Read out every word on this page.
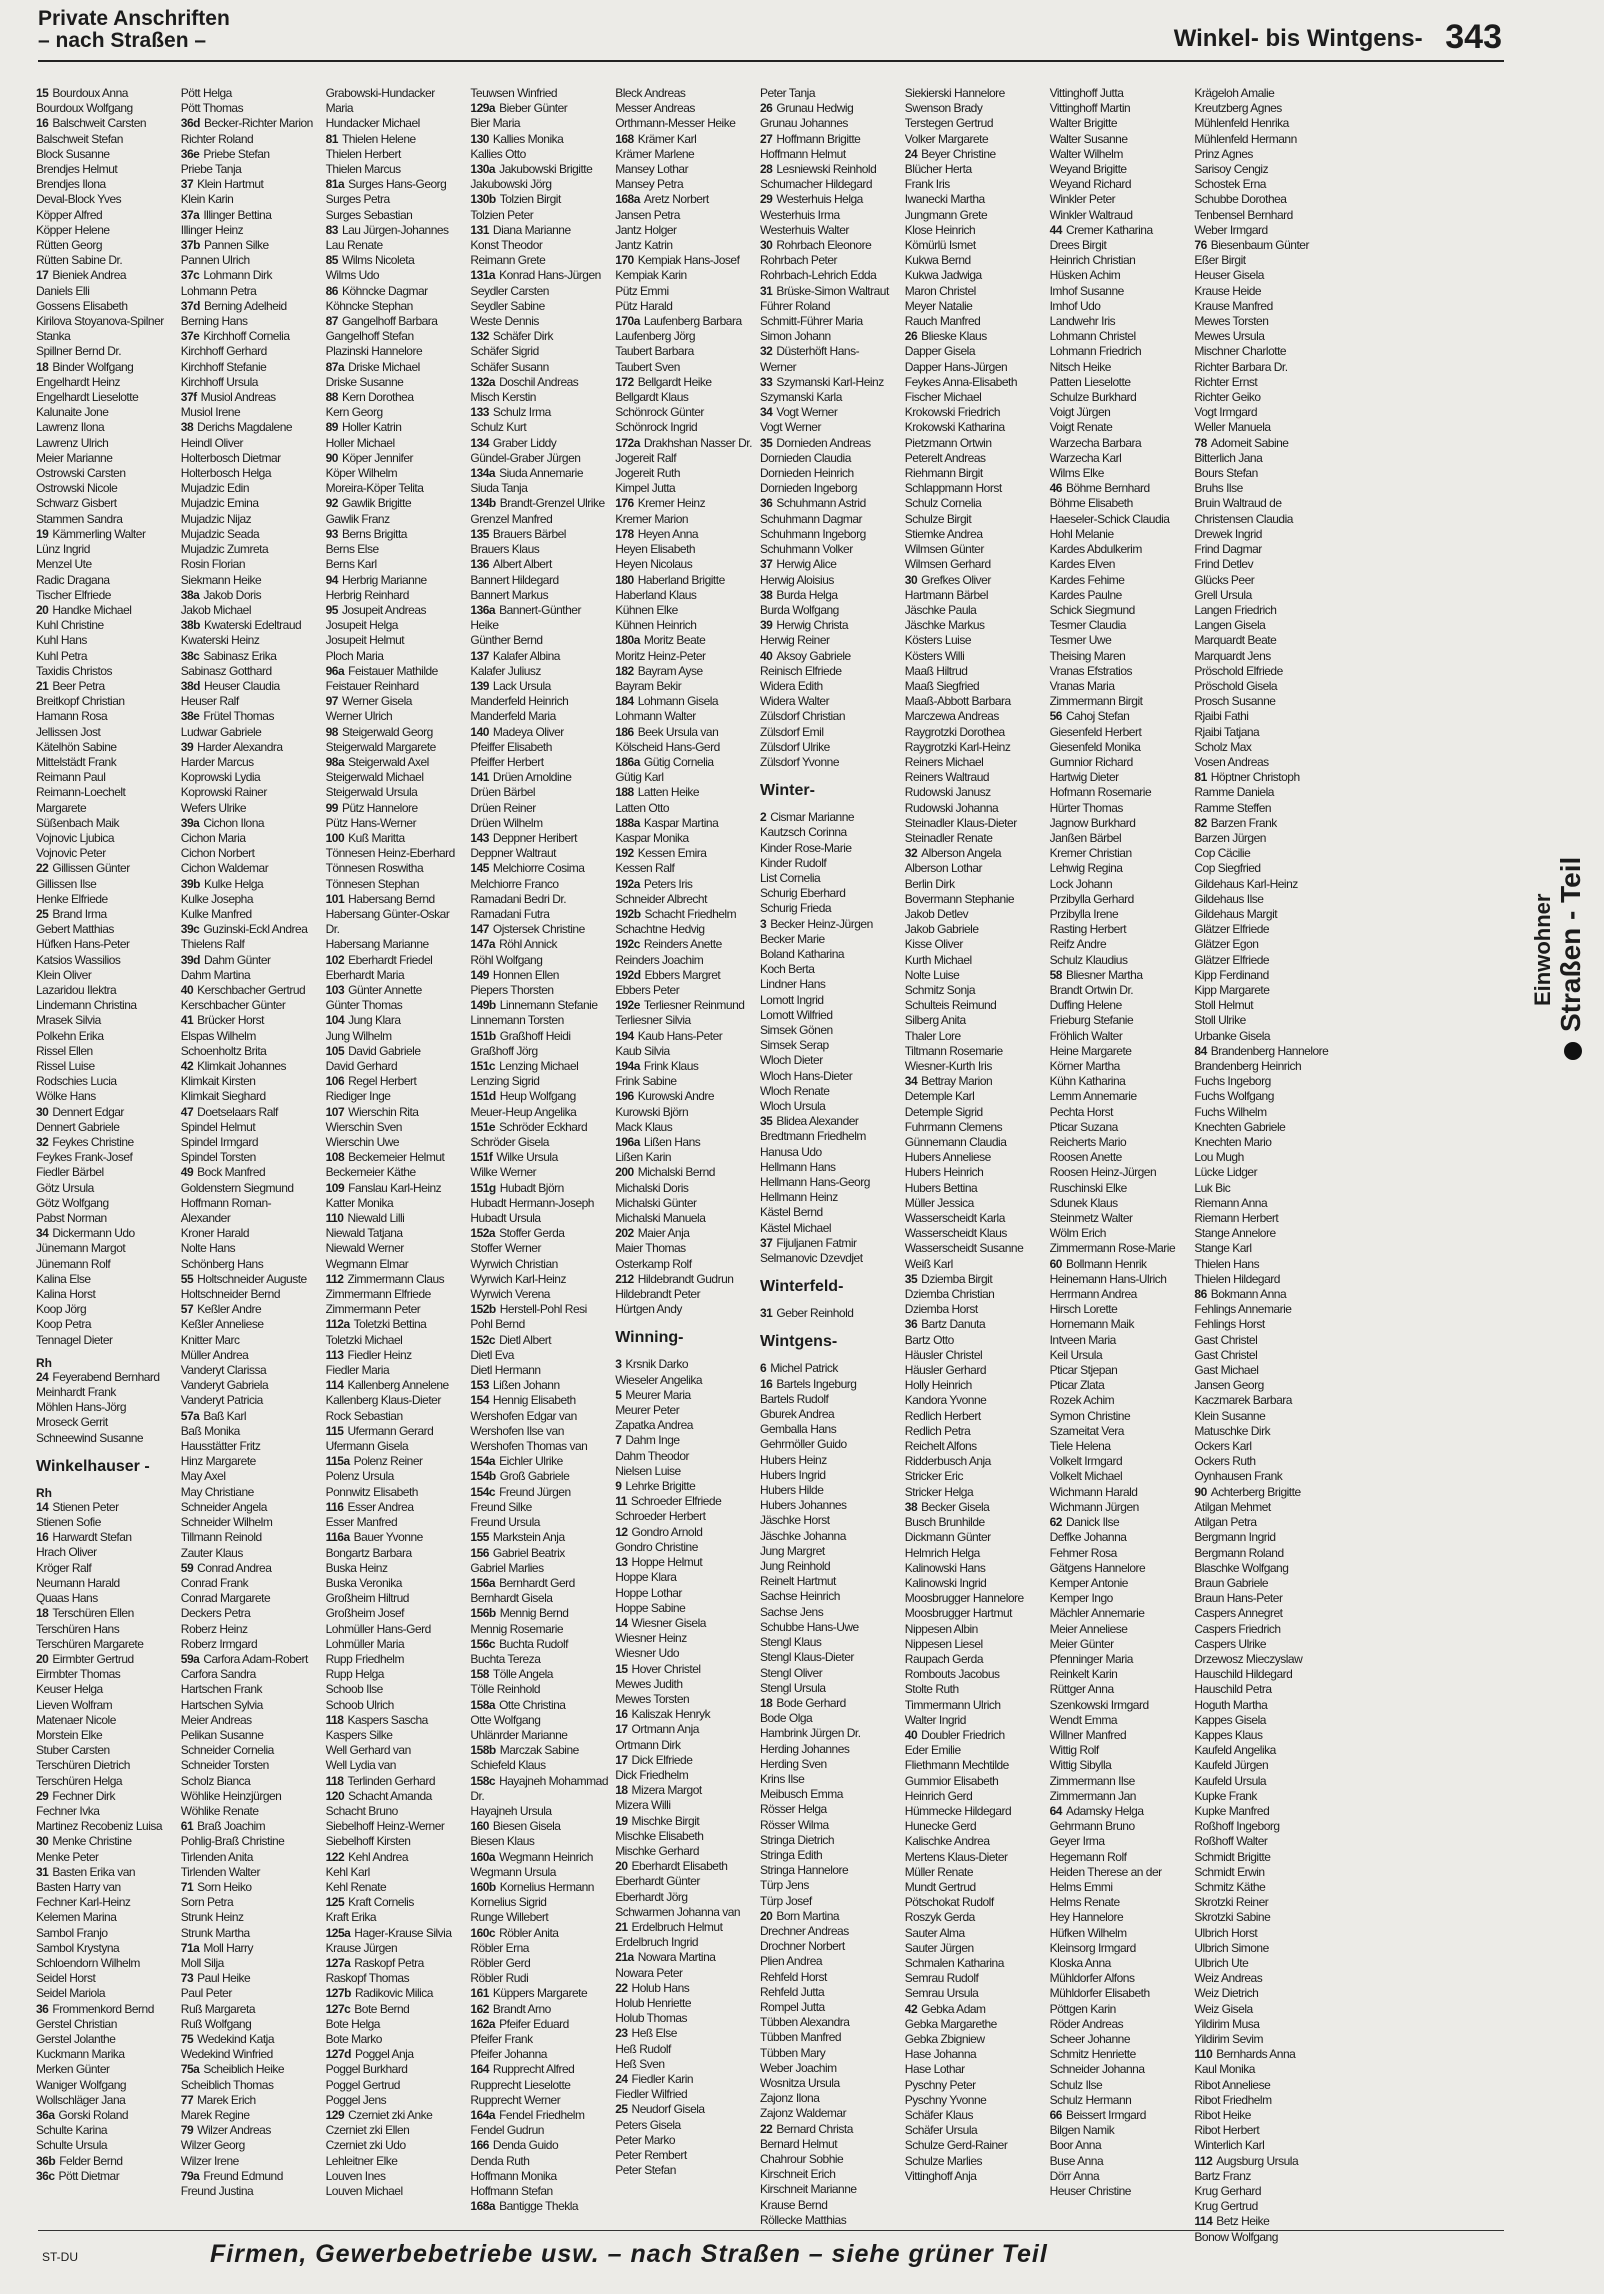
Private Anschriften
– nach Straßen –	Winkel- bis Wintgens- 343
15 Bourdoux Anna
Bourdoux Wolfgang
16 Balschweit Carsten
Balschweit Stefan
Block Susanne
Brendjes Helmut
Brendjes Ilona
Deval-Block Yves
Köpper Alfred
Köpper Helene
Rütten Georg
Rütten Sabine Dr.
17 Bieniek Andrea
Daniels Elli
Gossens Elisabeth
Kirilova Stoyanova-Spilner
Stanka
Spillner Bernd Dr.
18 Binder Wolfgang
Engelhardt Heinz
Engelhardt Lieselotte
Kalunaite Jone
Lawrenz Ilona
Lawrenz Ulrich
Meier Marianne
Ostrowski Carsten
Ostrowski Nicole
Schwarz Gisbert
Stammen Sandra
19 Kämmerling Walter
Lünz Ingrid
Menzel Ute
Radic Dragana
Tischer Elfriede
20 Handke Michael
Kuhl Christine
Kuhl Hans
Kuhl Petra
Taxidis Christos
21 Beer Petra
Breitkopf Christian
Hamann Rosa
Jellissen Jost
Kätelhön Sabine
Mittelstädt Frank
Reimann Paul
Reimann-Loechelt
Margarete
Süßenbach Maik
Vojnovic Ljubica
Vojnovic Peter
22 Gillissen Günter
Gillissen Ilse
Henke Elfriede
25 Brand Irma
Gebert Matthias
Hüfken Hans-Peter
Katsios Wassilios
Klein Oliver
Lazaridou Ilektra
Lindemann Christina
Mrasek Silvia
Polkehn Erika
Rissel Ellen
Rissel Luise
Rodschies Lucia
Wölke Hans
30 Dennert Edgar
Dennert Gabriele
32 Feykes Christine
Feykes Frank-Josef
Fiedler Bärbel
Götz Ursula
Götz Wolfgang
Pabst Norman
34 Dickermann Udo
Jünemann Margot
Jünemann Rolf
Kalina Else
Kalina Horst
Koop Jörg
Koop Petra
Tennagel Dieter
Rh
24 Feyerabend Bernhard
Meinhardt Frank
Möhlen Hans-Jörg
Mroseck Gerrit
Schneewind Susanne
Winkelhauser -
Rh
14 Stienen Peter
Stienen Sofie
16 Harwardt Stefan
Hrach Oliver
Kröger Ralf
Neumann Harald
Quaas Hans
18 Terschüren Ellen
Terschüren Hans
Terschüren Margarete
20 Eirmbter Gertrud
Eirmbter Thomas
Keuser Helga
Lieven Wolfram
Matenaer Nicole
Morstein Elke
Stuber Carsten
Terschüren Dietrich
Terschüren Helga
29 Fechner Dirk
Fechner Ivka
Martinez Recobeniz Luisa
30 Menke Christine
Menke Peter
31 Basten Erika van
Basten Harry van
Fechner Karl-Heinz
Kelemen Marina
Sambol Franjo
Sambol Krystyna
Schloendorn Wilhelm
Seidel Horst
Seidel Mariola
36 Frommenkord Bernd
Gerstel Christian
Gerstel Jolanthe
Kuckmann Marika
Merken Günter
Waniger Wolfgang
Wollschläger Jana
36a Gorski Roland
Schulte Karina
Schulte Ursula
36b Felder Bernd
36c Pött Dietmar
Pött Helga
Pött Thomas
36d Becker-Richter Marion
Richter Roland
36e Priebe Stefan
Priebe Tanja
37 Klein Hartmut
Klein Karin
37a Illinger Bettina
Illinger Heinz
37b Pannen Silke
Pannen Ulrich
37c Lohmann Dirk
Lohmann Petra
37d Berning Adelheid
Berning Hans
37e Kirchhoff Cornelia
Kirchhoff Gerhard
Kirchhoff Stefanie
Kirchhoff Ursula
37f Musiol Andreas
Musiol Irene
38 Derichs Magdalene
Heindl Oliver
Holterbosch Dietmar
Holterbosch Helga
Mujadzic Edin
Mujadzic Emina
Mujadzic Nijaz
Mujadzic Seada
Mujadzic Zumreta
Rosin Florian
Siekmann Heike
38a Jakob Doris
Jakob Michael
38b Kwaterski Edeltraud
Kwaterski Heinz
38c Sabinasz Erika
Sabinasz Gotthard
38d Heuser Claudia
Heuser Ralf
38e Frütel Thomas
Ludwar Gabriele
39 Harder Alexandra
Harder Marcus
Koprowski Lydia
Koprowski Rainer
Wefers Ulrike
39a Cichon Ilona
Cichon Maria
Cichon Norbert
Cichon Waldemar
39b Kulke Helga
Kulke Josepha
Kulke Manfred
39c Guzinski-Eckl Andrea
Thielens Ralf
39d Dahm Günter
Dahm Martina
40 Kerschbacher Gertrud
Kerschbacher Günter
41 Brücker Horst
Elspas Wilhelm
Schoenholtz Brita
42 Klimkait Johannes
Klimkait Kirsten
Klimkait Sieghard
47 Doetselaars Ralf
Spindel Helmut
Spindel Irmgard
Spindel Torsten
49 Bock Manfred
Goldenstern Siegmund
Hoffmann Roman-
Alexander
Kroner Harald
Nolte Hans
Schönberg Hans
55 Holtschneider Auguste
Holtschneider Bernd
57 Keßler Andre
Keßler Anneliese
Knitter Marc
Müller Andrea
Vanderyt Clarissa
Vanderyt Gabriela
Vanderyt Patricia
57a Baß Karl
Baß Monika
Hausstätter Fritz
Hinz Margarete
May Axel
May Christiane
Schneider Angela
Schneider Wilhelm
Tillmann Reinold
Zauter Klaus
59 Conrad Andrea
Conrad Frank
Conrad Margarete
Deckers Petra
Roberz Heinz
Roberz Irmgard
59a Carfora Adam-Robert
Carfora Sandra
Hartschen Frank
Hartschen Sylvia
Meier Andreas
Pelikan Susanne
Schneider Cornelia
Schneider Torsten
Scholz Bianca
Wöhlike Heinzjürgen
Wöhlike Renate
61 Braß Joachim
Pohlig-Braß Christine
Tirlenden Anita
Tirlenden Walter
71 Sorn Heiko
Sorn Petra
Strunk Heinz
Strunk Martha
71a Moll Harry
Moll Silja
73 Paul Heike
Paul Peter
Ruß Margareta
Ruß Wolfgang
75 Wedekind Katja
Wedekind Winfried
75a Scheiblich Heike
Scheiblich Thomas
77 Marek Erich
Marek Regine
79 Wilzer Andreas
Wilzer Georg
Wilzer Irene
79a Freund Edmund
Freund Justina
Grabowski-Hundacker
Maria
Hundacker Michael
81 Thielen Helene
Thielen Herbert
Thielen Marcus
81a Surges Hans-Georg
Surges Petra
Surges Sebastian
83 Lau Jürgen-Johannes
Lau Renate
85 Wilms Nicoleta
Wilms Udo
86 Köhncke Dagmar
Köhncke Stephan
87 Gangelhoff Barbara
Gangelhoff Stefan
Plazinski Hannelore
87a Driske Michael
Driske Susanne
88 Kern Dorothea
Kern Georg
89 Holler Katrin
Holler Michael
90 Köper Jennifer
Köper Wilhelm
Moreira-Köper Telita
92 Gawlik Brigitte
Gawlik Franz
93 Berns Brigitta
Berns Else
Berns Karl
94 Herbrig Marianne
Herbrig Reinhard
95 Josupeit Andreas
Josupeit Helga
Josupeit Helmut
Ploch Maria
96a Feistauer Mathilde
Feistauer Reinhard
97 Werner Gisela
Werner Ulrich
98 Steigerwald Georg
Steigerwald Margarete
98a Steigerwald Axel
Steigerwald Michael
Steigerwald Ursula
99 Pütz Hannelore
Pütz Hans-Werner
100 Kuß Maritta
Tönnesen Heinz-Eberhard
Tönnesen Roswitha
Tönnesen Stephan
101 Habersang Bernd
Habersang Günter-Oskar
Dr.
Habersang Marianne
102 Eberhardt Friedel
Eberhardt Maria
103 Günter Annette
Günter Thomas
104 Jung Klara
Jung Wilhelm
105 David Gabriele
David Gerhard
106 Regel Herbert
Riediger Inge
107 Wierschin Rita
Wierschin Sven
Wierschin Uwe
108 Beckemeier Helmut
Beckemeier Käthe
109 Fanslau Karl-Heinz
Katter Monika
110 Niewald Lilli
Niewald Tatjana
Niewald Werner
Wegmann Elmar
112 Zimmermann Claus
Zimmermann Elfriede
Zimmermann Peter
112a Toletzki Bettina
Toletzki Michael
113 Fiedler Heinz
Fiedler Maria
114 Kallenberg Annelene
Kallenberg Klaus-Dieter
Rock Sebastian
115 Ufermann Gerard
Ufermann Gisela
115a Polenz Reiner
Polenz Ursula
Ponnwitz Elisabeth
116 Esser Andrea
Esser Manfred
116a Bauer Yvonne
Bongartz Barbara
Buska Heinz
Buska Veronika
Großheim Hiltrud
Großheim Josef
Lohmüller Hans-Gerd
Lohmüller Maria
Rupp Friedhelm
Rupp Helga
Schoob Ilse
Schoob Ulrich
118 Kaspers Sascha
Kaspers Silke
Well Gerhard van
Well Lydia van
118 Terlinden Gerhard
120 Schacht Amanda
Schacht Bruno
Siebelhoff Heinz-Werner
Siebelhoff Kirsten
122 Kehl Andrea
Kehl Karl
Kehl Renate
125 Kraft Cornelis
Kraft Erika
125a Hager-Krause Silvia
Krause Jürgen
127a Raskopf Petra
Raskopf Thomas
127b Radikovic Milica
127c Bote Bernd
Bote Helga
Bote Marko
127d Poggel Anja
Poggel Burkhard
Poggel Gertrud
Poggel Jens
129 Czerniet zki Anke
Czerniet zki Ellen
Czerniet zki Udo
Lehleitner Elke
Louven Ines
Louven Michael
Teuwsen Winfried
129a Bieber Günter
Bier Maria
130 Kallies Monika
Kallies Otto
130a Jakubowski Brigitte
Jakubowski Jörg
130b Tolzien Birgit
Tolzien Peter
131 Diana Marianne
Konst Theodor
Reimann Grete
131a Konrad Hans-Jürgen
Seydler Carsten
Seydler Sabine
Weste Dennis
132 Schäfer Dirk
Schäfer Sigrid
Schäfer Susann
132a Doschil Andreas
Misch Kerstin
133 Schulz Irma
Schulz Kurt
134 Graber Liddy
Gündel-Graber Jürgen
134a Siuda Annemarie
Siuda Tanja
134b Brandt-Grenzel Ulrike
Grenzel Manfred
135 Brauers Bärbel
Brauers Klaus
136 Albert Albert
Bannert Hildegard
Bannert Markus
136a Bannert-Günther
Heike
Günther Bernd
137 Kalafer Albina
Kalafer Juliusz
139 Lack Ursula
Manderfeld Heinrich
Manderfeld Maria
140 Madeya Oliver
Pfeiffer Elisabeth
Pfeiffer Herbert
141 Drüen Arnoldine
Drüen Bärbel
Drüen Reiner
Drüen Wilhelm
143 Deppner Heribert
Deppner Waltraut
145 Melchiorre Cosima
Melchiorre Franco
Ramadani Bedri Dr.
Ramadani Futra
147 Ojstersek Christine
147a Röhl Annick
Röhl Wolfgang
149 Honnen Ellen
Piepers Thorsten
149b Linnemann Stefanie
Linnemann Torsten
151b Graßhoff Heidi
Graßhoff Jörg
151c Lenzing Michael
Lenzing Sigrid
151d Heup Wolfgang
Meuer-Heup Angelika
151e Schröder Eckhard
Schröder Gisela
151f Wilke Ursula
Wilke Werner
151g Hubadt Björn
Hubadt Hermann-Joseph
Hubadt Ursula
152a Stoffer Gerda
Stoffer Werner
Wyrwich Christian
Wyrwich Karl-Heinz
Wyrwich Verena
152b Herstell-Pohl Resi
Pohl Bernd
152c Dietl Albert
Dietl Eva
Dietl Hermann
153 Lißen Johann
154 Hennig Elisabeth
Wershofen Edgar van
Wershofen Ilse van
Wershofen Thomas van
154a Eichler Ulrike
154b Groß Gabriele
154c Freund Jürgen
Freund Silke
Freund Ursula
155 Markstein Anja
156 Gabriel Beatrix
Gabriel Marlies
156a Bernhardt Gerd
Bernhardt Gisela
156b Mennig Bernd
Mennig Rosemarie
156c Buchta Rudolf
Buchta Tereza
158 Tölle Angela
Tölle Reinhold
158a Otte Christina
Otte Wolfgang
Uhlänrder Marianne
158b Marczak Sabine
Schiefeld Klaus
158c Hayajneh Mohammad
Dr.
Hayajneh Ursula
160 Biesen Gisela
Biesen Klaus
160a Wegmann Heinrich
Wegmann Ursula
160b Kornelius Hermann
Kornelius Sigrid
Runge Willebert
160c Röbler Anita
Röbler Erna
Röbler Gerd
Röbler Rudi
161 Küppers Margarete
162 Brandt Arno
162a Pfeifer Eduard
Pfeifer Frank
Pfeifer Johanna
164 Rupprecht Alfred
Rupprecht Lieselotte
Rupprecht Werner
164a Fendel Friedhelm
Fendel Gudrun
166 Denda Guido
Denda Ruth
Hoffmann Monika
Hoffmann Stefan
168a Bantigge Thekla
Bleck Andreas
Messer Andreas
Orthmann-Messer Heike
168 Krämer Karl
Krämer Marlene
Mansey Lothar
Mansey Petra
168a Aretz Norbert
Jansen Petra
Jantz Holger
Jantz Katrin
170 Kempiak Hans-Josef
Kempiak Karin
Pütz Emmi
Pütz Harald
170a Laufenberg Barbara
Laufenberg Jörg
Taubert Barbara
Taubert Sven
172 Bellgardt Heike
Bellgardt Klaus
Schönrock Günter
Schönrock Ingrid
172a Drakhshan Nasser Dr.
Jogereit Ralf
Jogereit Ruth
Kimpel Jutta
176 Kremer Heinz
Kremer Marion
178 Heyen Anna
Heyen Elisabeth
Heyen Nicolaus
180 Haberland Brigitte
Haberland Klaus
Kühnen Elke
Kühnen Heinrich
180a Moritz Beate
Moritz Heinz-Peter
182 Bayram Ayse
Bayram Bekir
184 Lohmann Gisela
Lohmann Walter
186 Beek Ursula van
Kölscheid Hans-Gerd
186a Gütig Cornelia
Gütig Karl
188 Latten Heike
Latten Otto
188a Kaspar Martina
Kaspar Monika
192 Kessen Emira
Kessen Ralf
192a Peters Iris
Schneider Albrecht
192b Schacht Friedhelm
Schachtne Hedvig
192c Reinders Anette
Reinders Joachim
192d Ebbers Margret
Ebbers Peter
192e Terliesner Reinmund
Terliesner Silvia
194 Kaub Hans-Peter
Kaub Silvia
194a Frink Klaus
Frink Sabine
196 Kurowski Andre
Kurowski Björn
Mack Klaus
196a Lißen Hans
Lißen Karin
200 Michalski Bernd
Michalski Doris
Michalski Günter
Michalski Manuela
202 Maier Anja
Maier Thomas
Osterkamp Rolf
212 Hildebrandt Gudrun
Hildebrandt Peter
Hürtgen Andy
Winning-
3 Krsnik Darko
Wieseler Angelika
5 Meurer Maria
Meurer Peter
Zapatka Andrea
7 Dahm Inge
Dahm Theodor
Nielsen Luise
9 Lehrke Brigitte
11 Schroeder Elfriede
Schroeder Herbert
12 Gondro Arnold
Gondro Christine
13 Hoppe Helmut
Hoppe Klara
Hoppe Lothar
Hoppe Sabine
14 Wiesner Gisela
Wiesner Heinz
Wiesner Udo
15 Hover Christel
Mewes Judith
Mewes Torsten
16 Kaliszak Henryk
17 Ortmann Anja
Ortmann Dirk
17 Dick Elfriede
Dick Friedhelm
18 Mizera Margot
Mizera Willi
19 Mischke Birgit
Mischke Elisabeth
Mischke Gerhard
20 Eberhardt Elisabeth
Eberhardt Günter
Eberhardt Jörg
Schwarmen Johanna van
21 Erdelbruch Helmut
Erdelbruch Ingrid
21a Nowara Martina
Nowara Peter
22 Holub Hans
Holub Henriette
Holub Thomas
23 Heß Else
Heß Rudolf
Heß Sven
24 Fiedler Karin
Fiedler Wilfried
25 Neudorf Gisela
Peters Gisela
Peter Marko
Peter Rembert
Peter Stefan
Peter Tanja
26 Grunau Hedwig
Grunau Johannes
27 Hoffmann Brigitte
Hoffmann Helmut
28 Lesniewski Reinhold
Schumacher Hildegard
29 Westerhuis Helga
Westerhuis Irma
Westerhuis Walter
30 Rohrbach Eleonore
Rohrbach Peter
Rohrbach-Lehrich Edda
31 Brüske-Simon Waltraut
Führer Roland
Schmitt-Führer Maria
Simon Johann
32 Düsterhöft Hans-
Werner
33 Szymanski Karl-Heinz
Szymanski Karla
34 Vogt Werner
Vogt Werner
35 Dornieden Andreas
Dornieden Claudia
Dornieden Heinrich
Dornieden Ingeborg
36 Schuhmann Astrid
Schuhmann Dagmar
Schuhmann Ingeborg
Schuhmann Volker
37 Herwig Alice
Herwig Aloisius
38 Burda Helga
Burda Wolfgang
39 Herwig Christa
Herwig Reiner
40 Aksoy Gabriele
Reinisch Elfriede
Widera Edith
Widera Walter
Zülsdorf Christian
Zülsdorf Emil
Zülsdorf Ulrike
Zülsdorf Yvonne
Winter-
2 Cismar Marianne
Kautzsch Corinna
Kinder Rose-Marie
Kinder Rudolf
List Cornelia
Schurig Eberhard
Schurig Frieda
3 Becker Heinz-Jürgen
Becker Marie
Boland Katharina
Koch Berta
Lindner Hans
Lomott Ingrid
Lomott Wilfried
Simsek Gönen
Simsek Serap
Wloch Dieter
Wloch Hans-Dieter
Wloch Renate
Wloch Ursula
35 Blidea Alexander
Bredtmann Friedhelm
Hanusa Udo
Hellmann Hans
Hellmann Hans-Georg
Hellmann Heinz
Kästel Bernd
Kästel Michael
37 Fijuljanen Fatmir
Selmanovic Dzevdjet
Winterfeld-
31 Geber Reinhold
Wintgens-
6 Michel Patrick
16 Bartels Ingeburg
Bartels Rudolf
Gburek Andrea
Gemballa Hans
Gehrmöller Guido
Hubers Heinz
Hubers Ingrid
Hubers Hilde
Hubers Johannes
Jäschke Horst
Jäschke Johanna
Jung Margret
Jung Reinhold
Reinelt Hartmut
Sachse Heinrich
Sachse Jens
Schubbe Hans-Uwe
Stengl Klaus
Stengl Klaus-Dieter
Stengl Oliver
Stengl Ursula
18 Bode Gerhard
Bode Olga
Hambrink Jürgen Dr.
Herding Johannes
Herding Sven
Krins Ilse
Meibusch Emma
Rösser Helga
Rösser Wilma
Stringa Dietrich
Stringa Edith
Stringa Hannelore
Türp Jens
Türp Josef
20 Born Martina
Drechner Andreas
Drochner Norbert
Plien Andrea
Rehfeld Horst
Rehfeld Jutta
Rompel Jutta
Tübben Alexandra
Tübben Manfred
Tübben Mary
Weber Joachim
Wosnitza Ursula
Zajonz Ilona
Zajonz Waldemar
22 Bernard Christa
Bernard Helmut
Chahrour Sobhie
Kirschneit Erich
Kirschneit Marianne
Krause Bernd
Röllecke Matthias
Siekierski Hannelore
Swenson Brady
Terstegen Gertrud
Volker Margarete
24 Beyer Christine
Blücher Herta
Frank Iris
Iwanecki Martha
Jungmann Grete
Klose Heinrich
Kömürlü Ismet
Kukwa Bernd
Kukwa Jadwiga
Maron Christel
Meyer Natalie
Rauch Manfred
26 Blieske Klaus
Dapper Gisela
Dapper Hans-Jürgen
Feykes Anna-Elisabeth
Fischer Michael
Krokowski Friedrich
Krokowski Katharina
Pietzmann Ortwin
Peterelt Andreas
Riehmann Birgit
Schlappmann Horst
Schulz Cornelia
Schulze Birgit
Stiemke Andrea
Wilmsen Günter
Wilmsen Gerhard
30 Grefkes Oliver
Hartmann Bärbel
Jäschke Paula
Jäschke Markus
Kösters Luise
Kösters Willi
Maaß Hiltrud
Maaß Siegfried
Maaß-Abbott Barbara
Marczewa Andreas
Raygrotzki Dorothea
Raygrotzki Karl-Heinz
Reiners Michael
Reiners Waltraud
Rudowski Janusz
Rudowski Johanna
Steinadler Klaus-Dieter
Steinadler Renate
32 Alberson Angela
Alberson Lothar
Berlin Dirk
Bovermann Stephanie
Jakob Detlev
Jakob Gabriele
Kisse Oliver
Kurth Michael
Nolte Luise
Schmitz Sonja
Schulteis Reimund
Silberg Anita
Thaler Lore
Tiltmann Rosemarie
Wiesner-Kurth Iris
34 Bettray Marion
Detemple Karl
Detemple Sigrid
Fuhrmann Clemens
Günnemann Claudia
Hubers Anneliese
Hubers Heinrich
Hubers Bettina
Müller Jessica
Wasserscheidt Karla
Wasserscheidt Klaus
Wasserscheidt Susanne
Weiß Karl
35 Dziemba Birgit
Dziemba Christian
Dziemba Horst
36 Bartz Danuta
Bartz Otto
Häusler Christel
Häusler Gerhard
Holly Heinrich
Kandora Yvonne
Redlich Herbert
Redlich Petra
Reichelt Alfons
Ridderbusch Anja
Stricker Eric
Stricker Helga
38 Becker Gisela
Busch Brunhilde
Dickmann Günter
Helmrich Helga
Kalinowski Hans
Kalinowski Ingrid
Moosbrugger Hannelore
Moosbrugger Hartmut
Nippesen Albin
Nippesen Liesel
Raupach Gerda
Rombouts Jacobus
Stolte Ruth
Timmermann Ulrich
Walter Ingrid
40 Doubler Friedrich
Eder Emilie
Fliethmann Mechtilde
Gummior Elisabeth
Heinrich Gerd
Hümmecke Hildegard
Hunecke Gerd
Kalischke Andrea
Mertens Klaus-Dieter
Müller Renate
Mundt Gertrud
Pötschokat Rudolf
Roszyk Gerda
Sauter Alma
Sauter Jürgen
Schmalen Katharina
Semrau Rudolf
Semrau Ursula
42 Gebka Adam
Gebka Margarethe
Gebka Zbigniew
Hase Johanna
Hase Lothar
Pyschny Peter
Pyschny Yvonne
Schäfer Klaus
Schäfer Ursula
Schulze Gerd-Rainer
Schulze Marlies
Vittinghoff Anja
Vittinghoff Jutta
Vittinghoff Martin
Walter Brigitte
Walter Susanne
Walter Wilhelm
Weyand Brigitte
Weyand Richard
Winkler Peter
Winkler Waltraud
44 Cremer Katharina
Drees Birgit
Heinrich Christian
Hüsken Achim
Imhof Susanne
Imhof Udo
Landwehr Iris
Lohmann Christel
Lohmann Friedrich
Nitsch Heike
Patten Lieselotte
Schulze Burkhard
Voigt Jürgen
Voigt Renate
Warzecha Barbara
Warzecha Karl
Wilms Elke
46 Böhme Bernhard
Böhme Elisabeth
Haeseler-Schick Claudia
Hohl Melanie
Kardes Abdulkerim
Kardes Elven
Kardes Fehime
Kardes Paulne
Schick Siegmund
Tesmer Claudia
Tesmer Uwe
Theising Maren
Vranas Efstratios
Vranas Maria
Zimmermann Birgit
56 Cahoj Stefan
Giesenfeld Herbert
Giesenfeld Monika
Gumnior Richard
Hartwig Dieter
Hofmann Rosemarie
Hürter Thomas
Jagnow Burkhard
Janßen Bärbel
Kremer Christian
Lehwig Regina
Lock Johann
Przibylla Gerhard
Przibylla Irene
Rasting Herbert
Reifz Andre
Schulz Klaudius
58 Bliesner Martha
Brandt Ortwin Dr.
Duffing Helene
Frieburg Stefanie
Fröhlich Walter
Heine Margarete
Körner Martha
Kühn Katharina
Lemm Annemarie
Pechta Horst
Pticar Suzana
Reicherts Mario
Roosen Anette
Roosen Heinz-Jürgen
Ruschinski Elke
Sdunek Klaus
Steinmetz Walter
Wölm Erich
Zimmermann Rose-Marie
60 Bollmann Henrik
Heinemann Hans-Ulrich
Herrmann Andrea
Hirsch Lorette
Hornemann Maik
Intveen Maria
Keil Ursula
Pticar Stjepan
Pticar Zlata
Rozek Achim
Symon Christine
Szameitat Vera
Tiele Helena
Volkelt Irmgard
Volkelt Michael
Wichmann Harald
Wichmann Jürgen
62 Danick Ilse
Deffke Johanna
Fehmer Rosa
Gätgens Hannelore
Kemper Antonie
Kemper Ingo
Mächler Annemarie
Meier Anneliese
Meier Günter
Pfenninger Maria
Reinkelt Karin
Rüttger Anna
Szenkowski Irmgard
Wendt Emma
Willner Manfred
Wittig Rolf
Wittig Sibylla
Zimmermann Ilse
Zimmermann Jan
64 Adamsky Helga
Gehrmann Bruno
Geyer Irma
Hegemann Rolf
Heiden Therese an der
Helms Emmi
Helms Renate
Hey Hannelore
Hüfken Wilhelm
Kleinsorg Irmgard
Kloska Anna
Mühldorfer Alfons
Mühldorfer Elisabeth
Pöttgen Karin
Röder Andreas
Scheer Johanne
Schmitz Henriette
Schneider Johanna
Schulz Ilse
Schulz Hermann
66 Beissert Irmgard
Bilgen Namik
Boor Anna
Buse Anna
Dörr Anna
Heuser Christine
Krägeloh Amalie
Kreutzberg Agnes
Mühlenfeld Henrika
Mühlenfeld Hermann
Prinz Agnes
Sarisoy Cengiz
Schostek Erna
Schubbe Dorothea
Tenbensel Bernhard
Weber Irmgard
76 Biesenbaum Günter
Eßer Birgit
Heuser Gisela
Krause Heide
Krause Manfred
Mewes Torsten
Mewes Ursula
Mischner Charlotte
Richter Barbara Dr.
Richter Ernst
Richter Geiko
Vogt Irmgard
Weller Manuela
78 Adomeit Sabine
Bitterlich Jana
Bours Stefan
Bruhs Ilse
Bruin Waltraud de
Christensen Claudia
Drewek Ingrid
Frind Dagmar
Frind Detlev
Glücks Peer
Grell Ursula
Langen Friedrich
Langen Gisela
Marquardt Beate
Marquardt Jens
Pröschold Elfriede
Pröschold Gisela
Prosch Susanne
Rjaibi Fathi
Rjaibi Tatjana
Scholz Max
Vosen Andreas
81 Höptner Christoph
Ramme Daniela
Ramme Steffen
82 Barzen Frank
Barzen Jürgen
Cop Cäcilie
Cop Siegfried
Gildehaus Karl-Heinz
Gildehaus Ilse
Gildehaus Margit
Glätzer Elfriede
Glätzer Egon
Glätzer Elfriede
Kipp Ferdinand
Kipp Margarete
Stoll Helmut
Stoll Ulrike
Urbanke Gisela
84 Brandenberg Hannelore
Brandenberg Heinrich
Fuchs Ingeborg
Fuchs Wolfgang
Fuchs Wilhelm
Knechten Gabriele
Knechten Mario
Lou Mugh
Lücke Lidger
Luk Bic
Riemann Anna
Riemann Herbert
Stange Annelore
Stange Karl
Thielen Hans
Thielen Hildegard
86 Bokmann Anna
Fehlings Annemarie
Fehlings Horst
Gast Christel
Gast Christel
Gast Michael
Jansen Georg
Kaczmarek Barbara
Klein Susanne
Matuschke Dirk
Ockers Karl
Ockers Ruth
Oynhausen Frank
90 Achterberg Brigitte
Atilgan Mehmet
Atilgan Petra
Bergmann Ingrid
Bergmann Roland
Blaschke Wolfgang
Braun Gabriele
Braun Hans-Peter
Caspers Annegret
Caspers Friedrich
Caspers Ulrike
Drzewosz Mieczyslaw
Hauschild Hildegard
Hauschild Petra
Hoguth Martha
Kappes Gisela
Kappes Klaus
Kaufeld Angelika
Kaufeld Jürgen
Kaufeld Ursula
Kupke Frank
Kupke Manfred
Roßhoff Ingeborg
Roßhoff Walter
Schmidt Brigitte
Schmidt Erwin
Schmitz Käthe
Skrotzki Reiner
Skrotzki Sabine
Ulbrich Horst
Ulbrich Simone
Ulbrich Ute
Weiz Andreas
Weiz Dietrich
Weiz Gisela
Yildirim Musa
Yildirim Sevim
110 Bernhards Anna
Kaul Monika
Ribot Anneliese
Ribot Friedhelm
Ribot Heike
Ribot Herbert
Winterlich Karl
112 Augsburg Ursula
Bartz Franz
Krug Gerhard
Krug Gertrud
114 Betz Heike
Bonow Wolfgang
Einwohner Straßen - Teil
ST-DU	Firmen, Gewerbebetriebe usw. – nach Straßen – siehe grüner Teil
